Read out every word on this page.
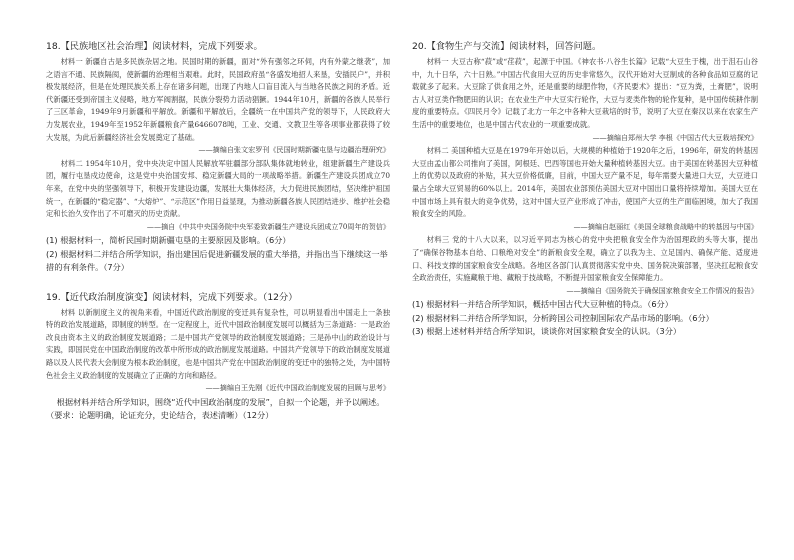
18.【民族地区社会治理】阅读材料，完成下列要求。

材料一 新疆自古是多民族杂居之地。民国时期的新疆，面对“外有强邻之环伺，内有外蒙之继袭”，加之语言不通、民族隔阂，使新疆的治理相当艰难。此时，民国政府虽“各盛发地招人来垦，安插民户”，并积极发展经济，但是在处理民族关系上存在诸多问题，出现了内地人口盲目流入与当地各民族之间的矛盾。近代新疆还受到帝国主义侵略，地方军阀割据，民族分裂势力活动猖獗。1944年10月，新疆的各族人民举行了三区革命，1949年9月新疆和平解放。新疆和平解放后，全疆统一在中国共产党的领导下，人民政府大力发展农业，1949年至1952年新疆粮食产量6466078吨，工业、交通、文教卫生等各项事业都获得了较大发展，为此后新疆经济社会发展奠定了基础。

——摘编自张文宏罗刊《民国时期新疆屯垦与边疆治理研究》

材料二 1954年10月，党中央决定中国人民解放军驻疆部分部队集体就地转业，组建新疆生产建设兵团，履行屯垦戍边使命，这是党中央治国安邦、稳定新疆大局的一项战略举措。新疆生产建设兵团成立70年来，在党中央的坚强领导下，积极开发建设边疆，发展壮大集体经济，大力促进民族团结，坚决维护祖国统一，在新疆的“稳定器”、“大熔炉”、“示范区”作用日益显现，为推动新疆各族人民团结进步、维护社会稳定和长治久安作出了不可磨灭的历史贡献。

——摘自《中共中央国务院中央军委致新疆生产建设兵团成立70周年的贺信》

(1) 根据材料一，简析民国时期新疆屯垦的主要原因及影响。（6分）

(2) 根据材料二并结合所学知识，指出建国后促进新疆发展的重大举措，并指出当下继续这一举措的有利条件。（7分）

19.【近代政治制度演变】阅读材料，完成下列要求。（12分）

材料 以新制度主义的视角来看，中国近代政治制度的变迁具有复杂性，可以明显看出中国走上一条独特的政治发展道路，即制度的转型。在一定程度上，近代中国政治制度发展可以概括为三条道路：一是政治改良由资本主义的政治制度发展道路；二是中国共产党领导的政治制度发展道路；三是孙中山的政治设计与实践，即国民党在中国政治制度的改革中所形成的政治制度发展道路。中国共产党领导下的政治制度发展道路以及人民代表大会制度为根本政治制度，也是中国共产党在中国政治制度的变迁中的独特之处，为中国特色社会主义政治制度的发展确立了正确的方向和路径。

——摘编自王先刚《近代中国政治制度发展的回顾与思考》

根据材料并结合所学知识，围绕“近代中国政治制度的发展”，自拟一个论题，并予以阐述。

（要求：论题明确，论证充分，史论结合，表述清晰）（12分）

20.【食物生产与交流】阅读材料，回答问题。

材料一 大豆古称“菽”或“荏菽”，起源于中国。《神农书·八谷生长篇》记载“大豆生于槐，出于沮石山谷中，九十日华，六十日熟。”中国古代食用大豆的历史非常悠久，汉代开始对大豆制成的各种食品如豆腐的记载就多了起来。大豆除了供食用之外，还是重要的绿肥作物，《齐民要术》提出：“豆为粪，土膏肥”，说明古人对豆类作物肥田的认识；在农业生产中大豆实行轮作，大豆与麦类作物的轮作复种，是中国传统耕作制度的重要特点。《四民月令》记载了北方一年之中各种大豆栽培的时节，说明了大豆在秦汉以来在农家生产生活中的重要地位，也是中国古代农业的一项重要成就。

——摘编自郑州大学 李根《中国古代大豆栽培探究》

材料二 美国种植大豆是在1979年开始以后，大规模的种植始于1920年之后，1996年，研发的转基因大豆由孟山都公司推向了美国，阿根廷、巴西等国也开始大量种植转基因大豆。由于美国在转基因大豆种植上的优势以及政府的补贴，其大豆价格低廉，目前，中国大豆产量不足，每年需要大量进口大豆，大豆进口量占全球大豆贸易的60%以上。2014年，美国农业部预估美国大豆对中国出口量将持续增加。美国大豆在中国市场上具有很大的竞争优势，这对中国大豆产业形成了冲击，使国产大豆的生产面临困境，加大了我国粮食安全的风险。

——摘编自赵丽红《美国全球粮食战略中的转基因与中国》

材料三 党的十八大以来，以习近平同志为核心的党中央把粮食安全作为治国理政的头等大事，提出了“确保谷物基本自给、口粮绝对安全”的新粮食安全观，确立了以我为主、立足国内、确保产能、适度进口、科技支撑的国家粮食安全战略。各地区各部门认真贯彻落实党中央、国务院决策部署，坚决扛起粮食安全政治责任，实施藏粮于地、藏粮于技战略，不断提升国家粮食安全保障能力。

——摘编自《国务院关于确保国家粮食安全工作情况的报告》

(1) 根据材料一并结合所学知识，概括中国古代大豆种植的特点。（6分）

(2) 根据材料二并结合所学知识，分析跨国公司控制国际农产品市场的影响。（6分）

(3) 根据上述材料并结合所学知识，谈谈你对国家粮食安全的认识。（3分）
